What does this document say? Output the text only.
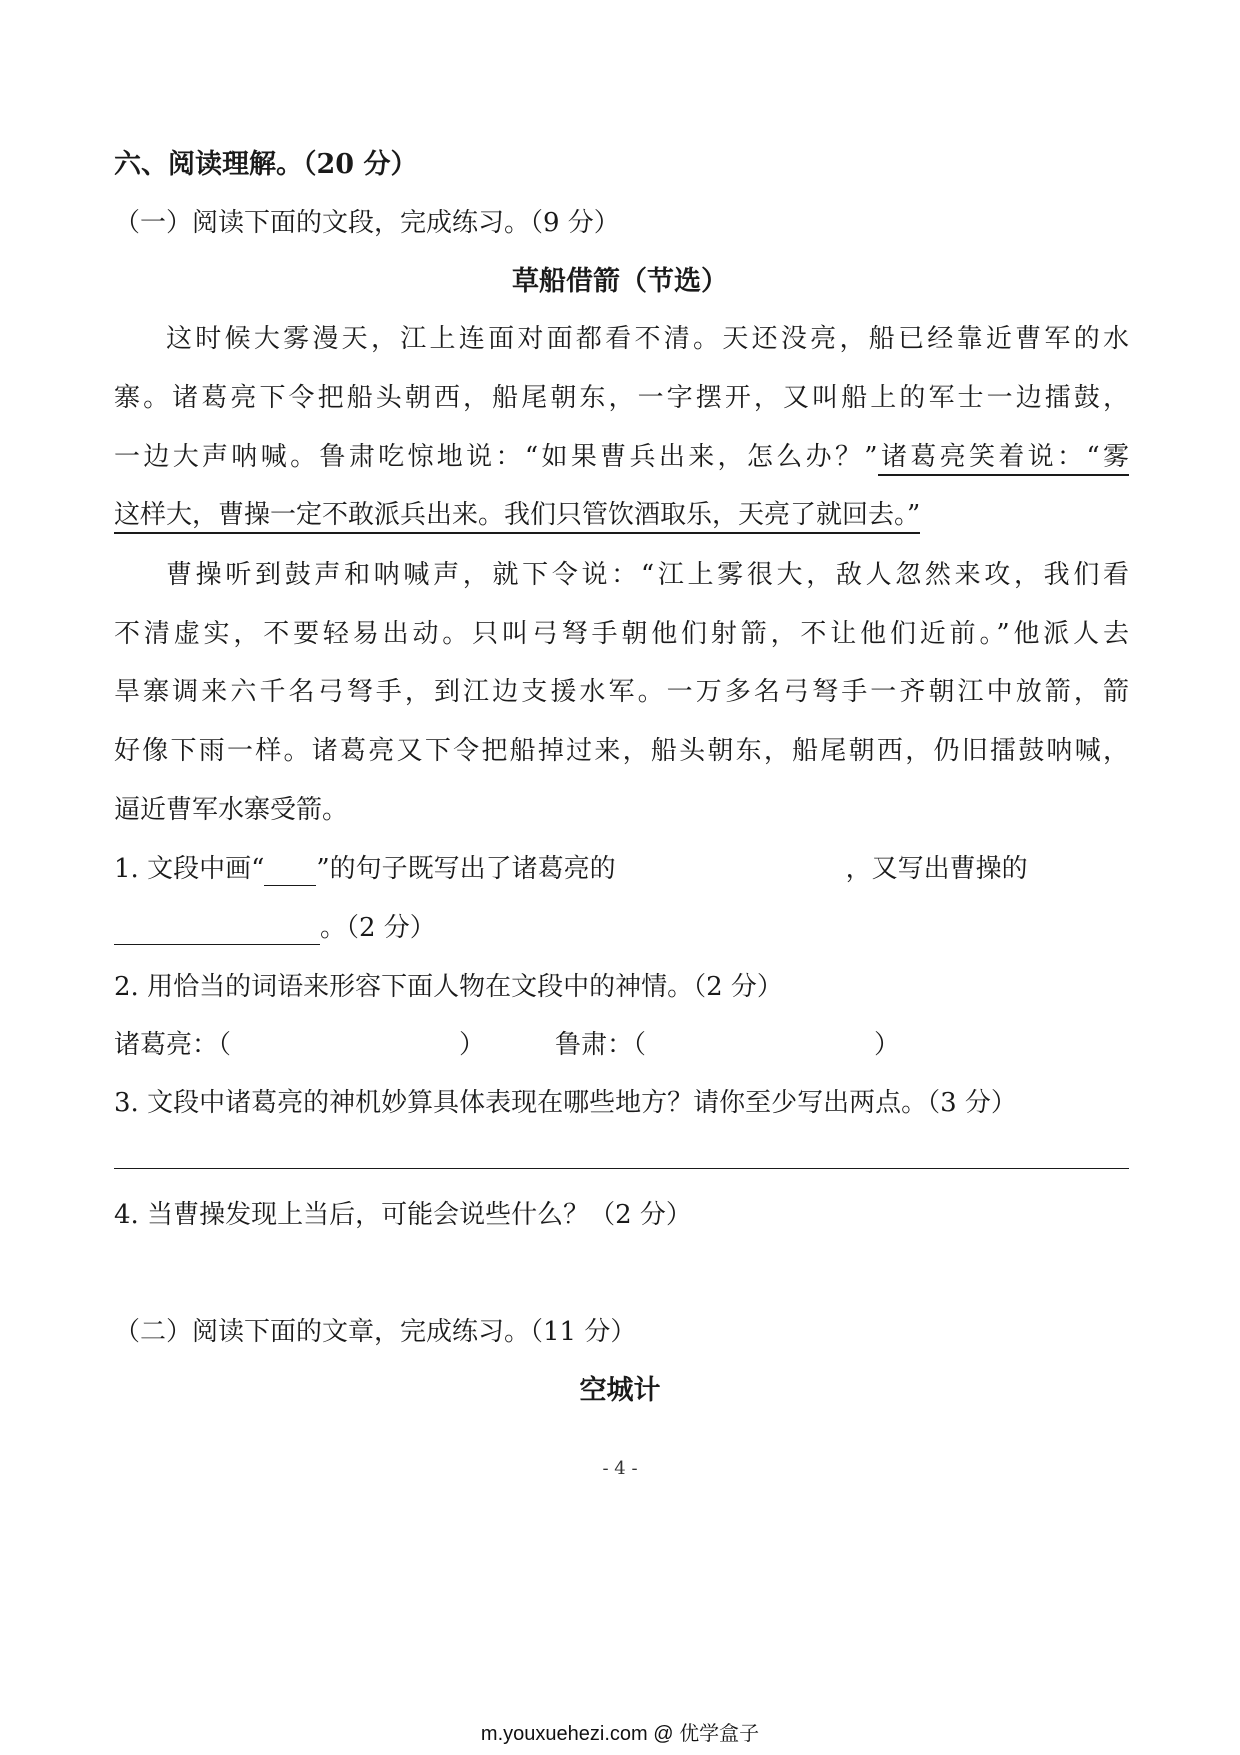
六、阅读理解。（20 分）
（一）阅读下面的文段，完成练习。（9 分）
草船借箭（节选）
这时候大雾漫天，江上连面对面都看不清。天还没亮，船已经靠近曹军的水
寨。诸葛亮下令把船头朝西，船尾朝东，一字摆开，又叫船上的军士一边擂鼓，
一边大声呐喊。鲁肃吃惊地说：“如果曹兵出来，怎么办？”诸葛亮笑着说：“雾
这样大，曹操一定不敢派兵出来。我们只管饮酒取乐，天亮了就回去。”
曹操听到鼓声和呐喊声，就下令说：“江上雾很大，敌人忽然来攻，我们看
不清虚实，不要轻易出动。只叫弓弩手朝他们射箭，不让他们近前。”他派人去
旱寨调来六千名弓弩手，到江边支援水军。一万多名弓弩手一齐朝江中放箭，箭
好像下雨一样。诸葛亮又下令把船掉过来，船头朝东，船尾朝西，仍旧擂鼓呐喊，
逼近曹军水寨受箭。
1. 文段中画“ ”的句子既写出了诸葛亮的	，又写出曹操的
。（2 分）
2. 用恰当的词语来形容下面人物在文段中的神情。（2 分）
诸葛亮：（	）	鲁肃：（	）
3. 文段中诸葛亮的神机妙算具体表现在哪些地方？请你至少写出两点。（3 分）
4. 当曹操发现上当后，可能会说些什么？（2 分）
（二）阅读下面的文章，完成练习。（11 分）
空城计
- 4 -
m.youxuehezi.com @ 优学盒子
